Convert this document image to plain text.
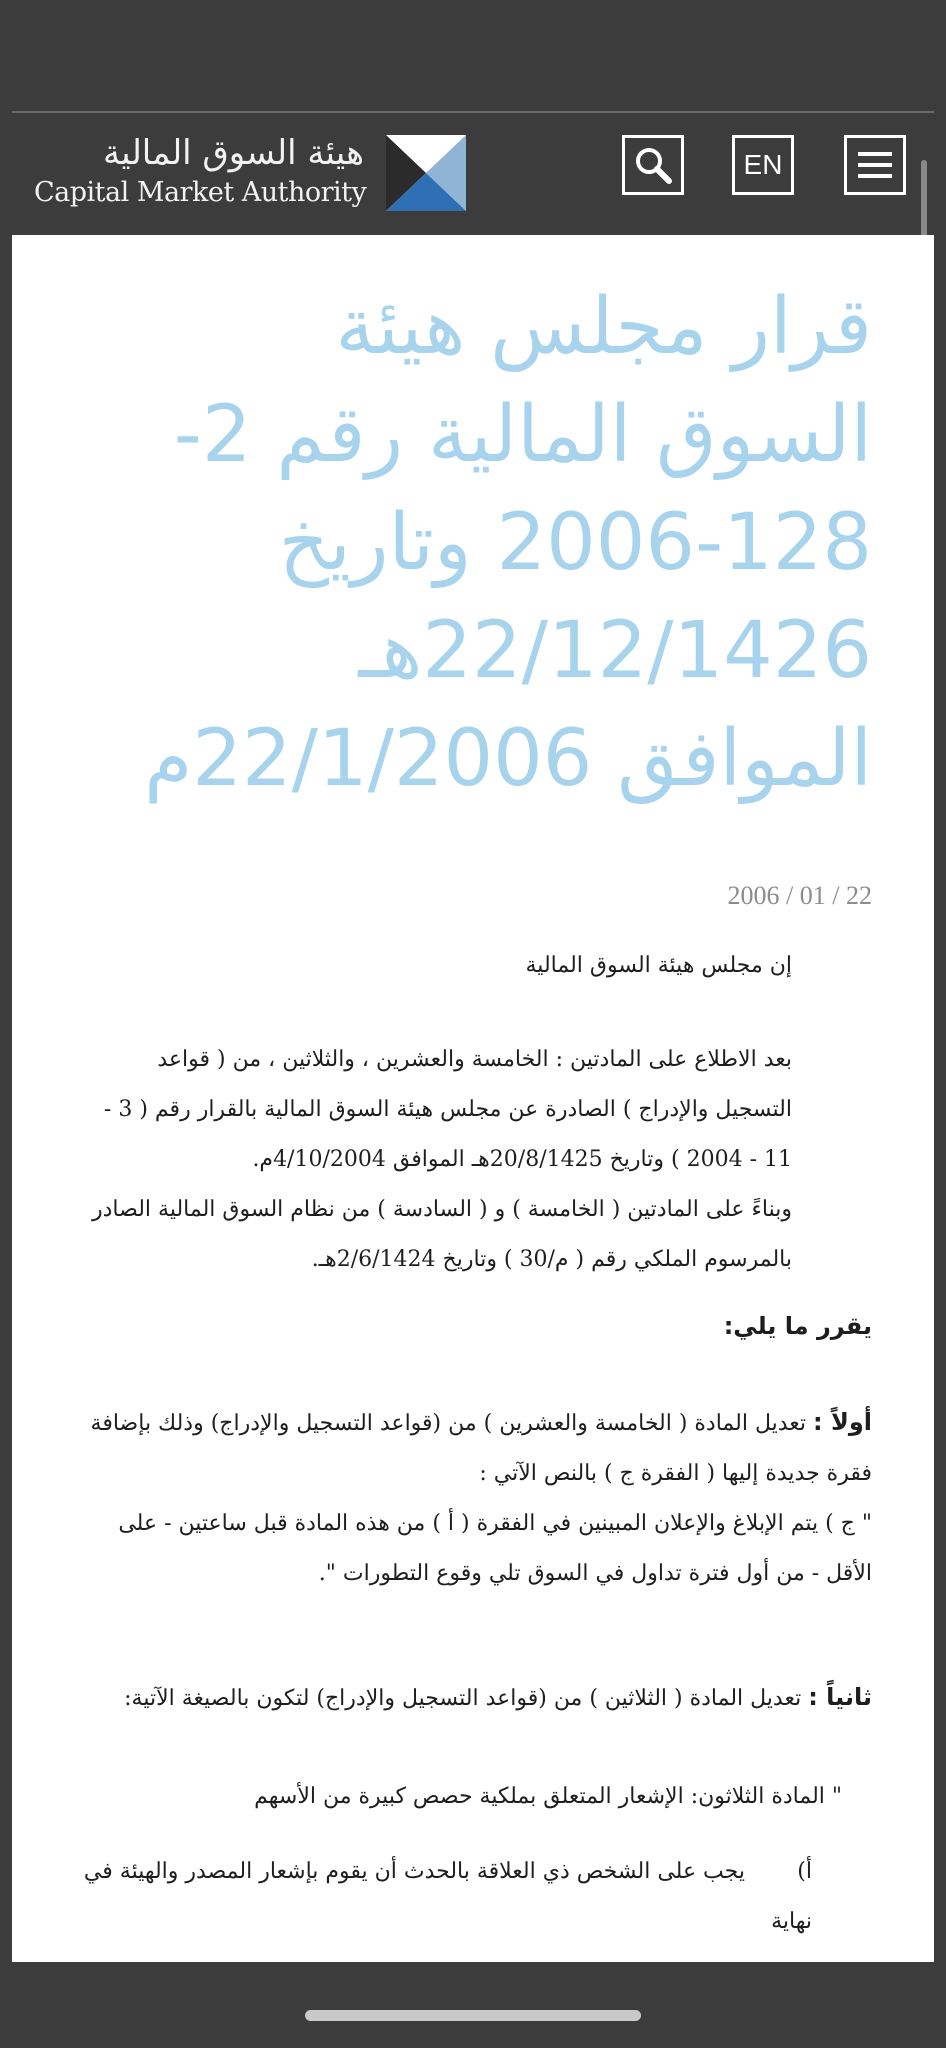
هيئة السوق المالية
Capital Market Authority
EN
قرار مجلس هيئة السوق المالية رقم 2-128-2006 وتاريخ 22/12/1426هـ الموافق 22/1/2006م
2006 / 01 / 22

إن مجلس هيئة السوق المالية

بعد الاطلاع على المادتين : الخامسة والعشرين ، والثلاثين ، من ( قواعد التسجيل والإدراج ) الصادرة عن مجلس هيئة السوق المالية بالقرار رقم ( 3 - 11 - 2004 ) وتاريخ 20/8/1425هـ الموافق 4/10/2004م.
وبناءً على المادتين ( الخامسة ) و ( السادسة ) من نظام السوق المالية الصادر بالمرسوم الملكي رقم ( م/30 ) وتاريخ 2/6/1424هـ.

يقرر ما يلي:

أولاً : تعديل المادة ( الخامسة والعشرين ) من (قواعد التسجيل والإدراج) وذلك بإضافة فقرة جديدة إليها ( الفقرة ج ) بالنص الآتي :
" ج ) يتم الإبلاغ والإعلان المبينين في الفقرة ( أ ) من هذه المادة قبل ساعتين - على الأقل - من أول فترة تداول في السوق تلي وقوع التطورات ".

ثانياً : تعديل المادة ( الثلاثين ) من (قواعد التسجيل والإدراج) لتكون بالصيغة الآتية:

" المادة الثلاثون: الإشعار المتعلق بملكية حصص كبيرة من الأسهم

أ) يجب على الشخص ذي العلاقة بالحدث أن يقوم بإشعار المصدر والهيئة في نهاية
